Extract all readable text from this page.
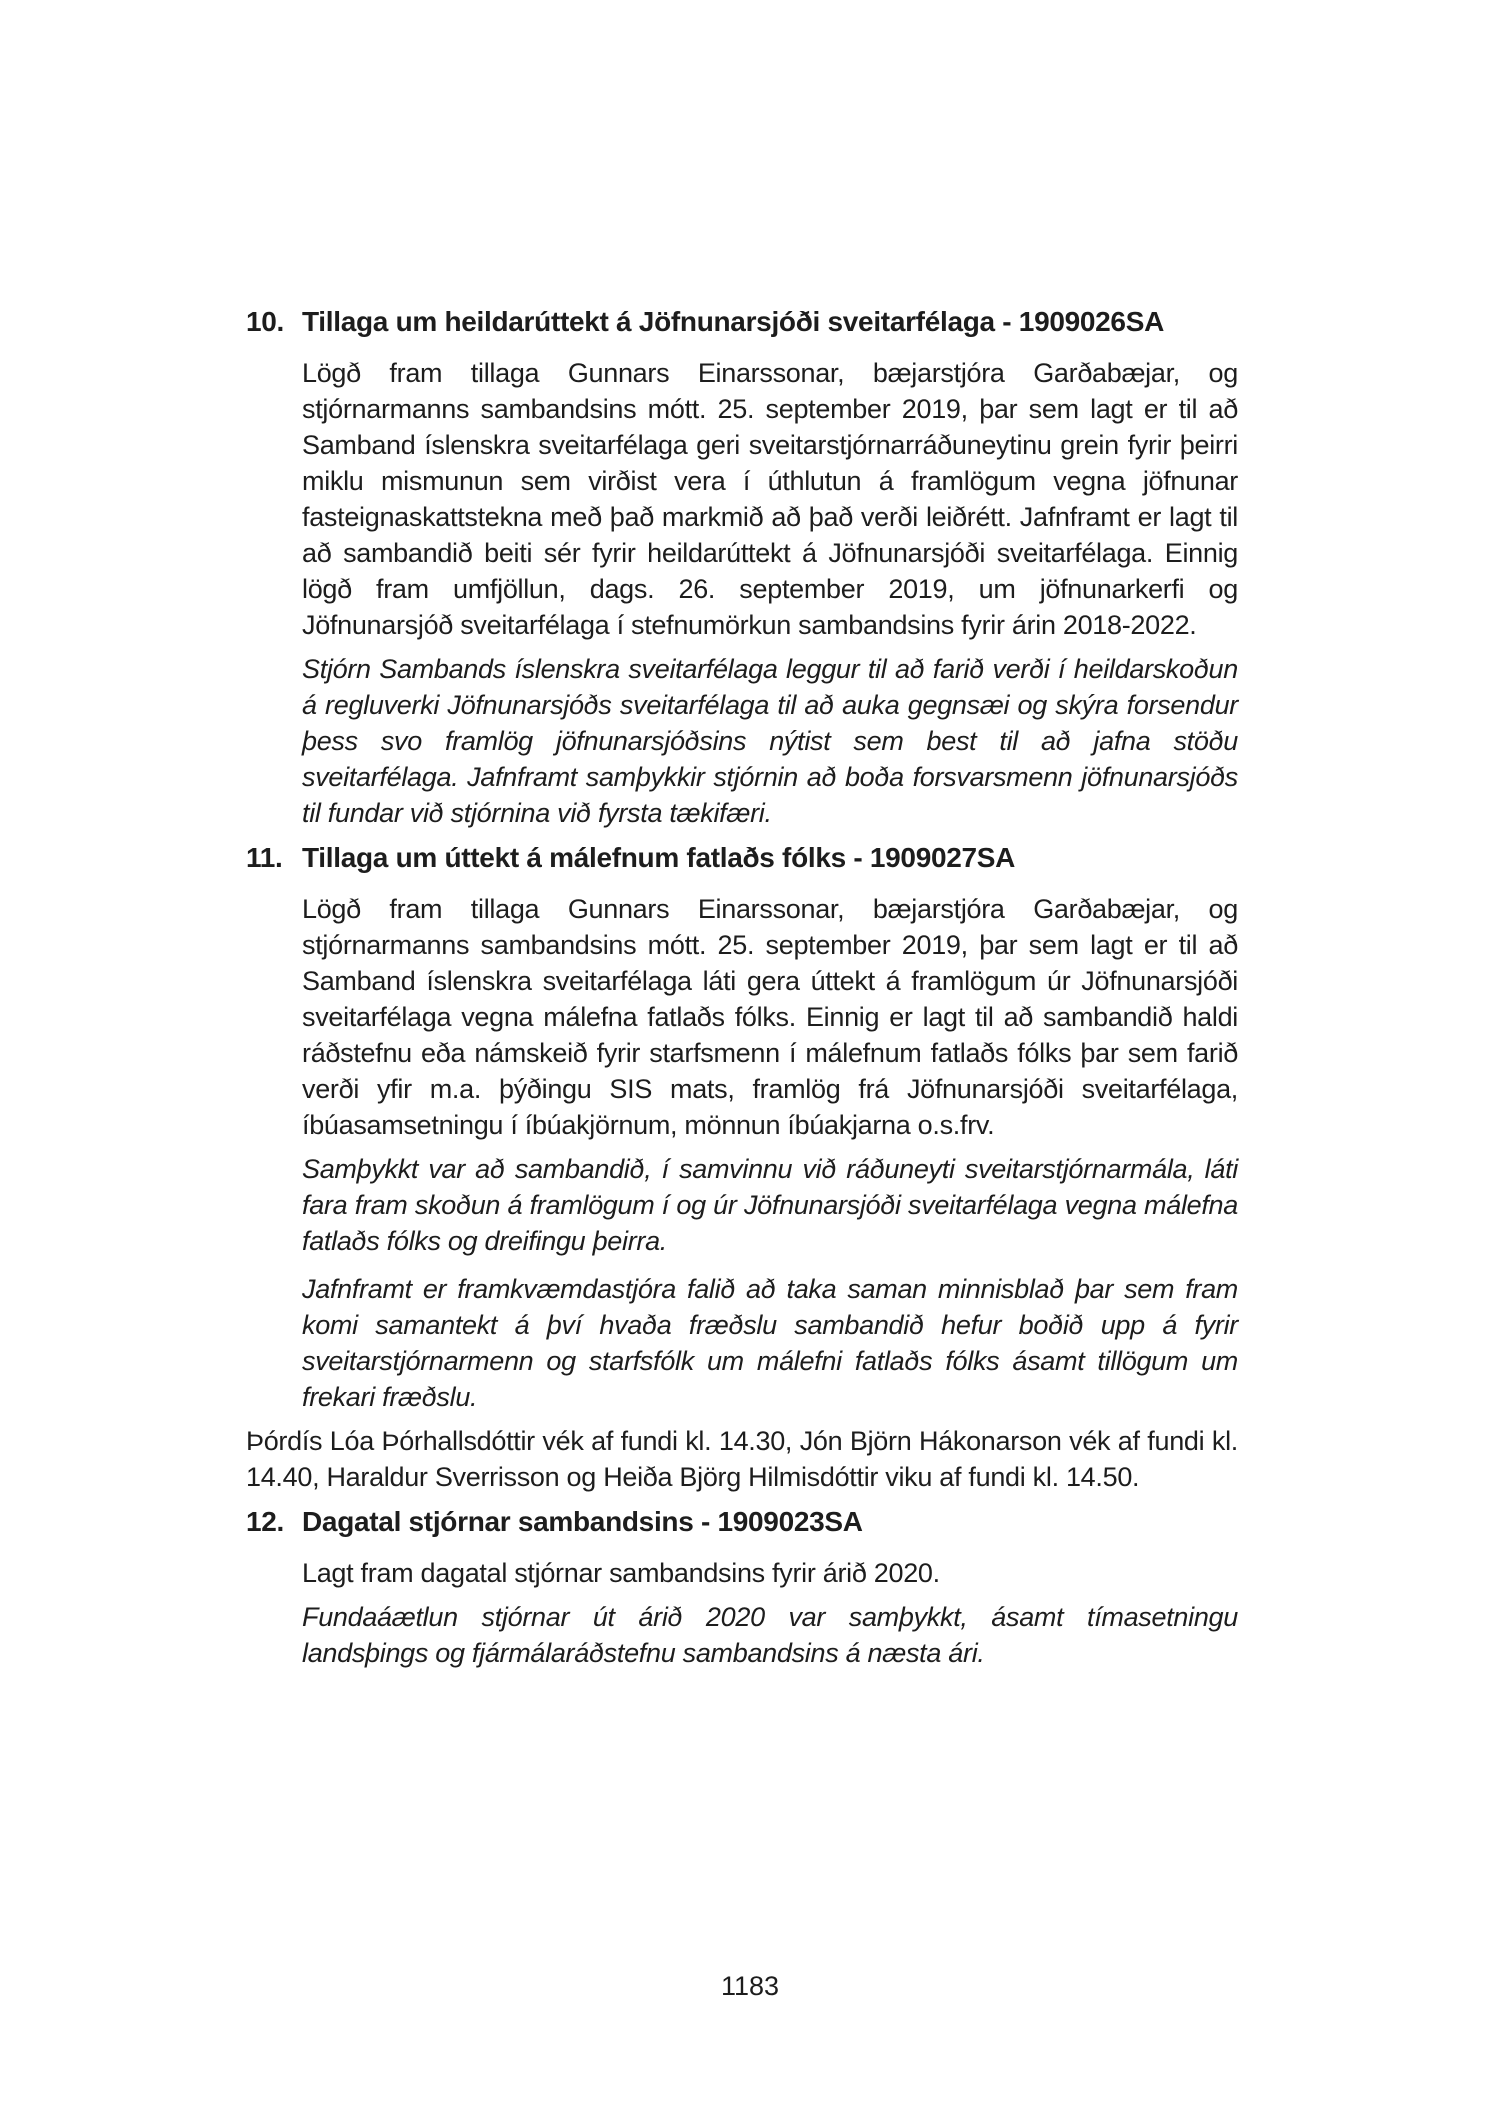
10. Tillaga um heildarúttekt á Jöfnunarsjóði sveitarfélaga - 1909026SA

Lögð fram tillaga Gunnars Einarssonar, bæjarstjóra Garðabæjar, og stjórnarmanns sambandsins mótt. 25. september 2019, þar sem lagt er til að Samband íslenskra sveitarfélaga geri sveitarstjórnarráðuneytinu grein fyrir þeirri miklu mismunun sem virðist vera í úthlutun á framlögum vegna jöfnunar fasteignaskattstekna með það markmið að það verði leiðrétt. Jafnframt er lagt til að sambandið beiti sér fyrir heildarúttekt á Jöfnunarsjóði sveitarfélaga. Einnig lögð fram umfjöllun, dags. 26. september 2019, um jöfnunarkerfi og Jöfnunarsjóð sveitarfélaga í stefnumörkun sambandsins fyrir árin 2018-2022.

Stjórn Sambands íslenskra sveitarfélaga leggur til að farið verði í heildarskoðun á regluverki Jöfnunarsjóðs sveitarfélaga til að auka gegnsæi og skýra forsendur þess svo framlög jöfnunarsjóðsins nýtist sem best til að jafna stöðu sveitarfélaga. Jafnframt samþykkir stjórnin að boða forsvarsmenn jöfnunarsjóðs til fundar við stjórnina við fyrsta tækifæri.

11. Tillaga um úttekt á málefnum fatlaðs fólks - 1909027SA

Lögð fram tillaga Gunnars Einarssonar, bæjarstjóra Garðabæjar, og stjórnarmanns sambandsins mótt. 25. september 2019, þar sem lagt er til að Samband íslenskra sveitarfélaga láti gera úttekt á framlögum úr Jöfnunarsjóði sveitarfélaga vegna málefna fatlaðs fólks. Einnig er lagt til að sambandið haldi ráðstefnu eða námskeið fyrir starfsmenn í málefnum fatlaðs fólks þar sem farið verði yfir m.a. þýðingu SIS mats, framlög frá Jöfnunarsjóði sveitarfélaga, íbúasamsetningu í íbúakjörnum, mönnun íbúakjarna o.s.frv.

Samþykkt var að sambandið, í samvinnu við ráðuneyti sveitarstjórnarmála, láti fara fram skoðun á framlögum í og úr Jöfnunarsjóði sveitarfélaga vegna málefna fatlaðs fólks og dreifingu þeirra.

Jafnframt er framkvæmdastjóra falið að taka saman minnisblað þar sem fram komi samantekt á því hvaða fræðslu sambandið hefur boðið upp á fyrir sveitarstjórnarmenn og starfsfólk um málefni fatlaðs fólks ásamt tillögum um frekari fræðslu.

Þórdís Lóa Þórhallsdóttir vék af fundi kl. 14.30, Jón Björn Hákonarson vék af fundi kl. 14.40, Haraldur Sverrisson og Heiða Björg Hilmisdóttir viku af fundi kl. 14.50.

12. Dagatal stjórnar sambandsins - 1909023SA

Lagt fram dagatal stjórnar sambandsins fyrir árið 2020.

Fundaáætlun stjórnar út árið 2020 var samþykkt, ásamt tímasetningu landsþings og fjármálaráðstefnu sambandsins á næsta ári.

1183
